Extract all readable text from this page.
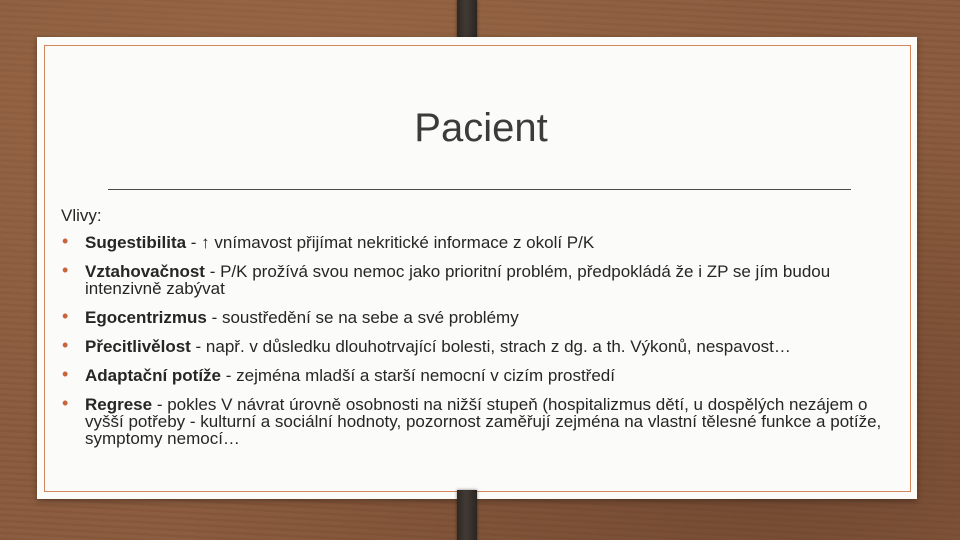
Pacient

Vlivy:

• Sugestibilita - ↑ vnímavost přijímat nekritické informace z okolí P/K
• Vztahovačnost - P/K prožívá svou nemoc jako prioritní problém, předpokládá že i ZP se jím budou intenzivně zabývat
• Egocentrizmus - soustředění se na sebe a své problémy
• Přecitlivělost - např. v důsledku dlouhotrvající bolesti, strach z dg. a th. Výkonů, nespavost…
• Adaptační potíže - zejména mladší a starší nemocní v cizím prostředí
• Regrese - pokles V návrat úrovně osobnosti na nižší stupeň (hospitalizmus dětí, u dospělých nezájem o vyšší potřeby - kulturní a sociální hodnoty, pozornost zaměřují zejména na vlastní tělesné funkce a potíže, symptomy nemocí…
